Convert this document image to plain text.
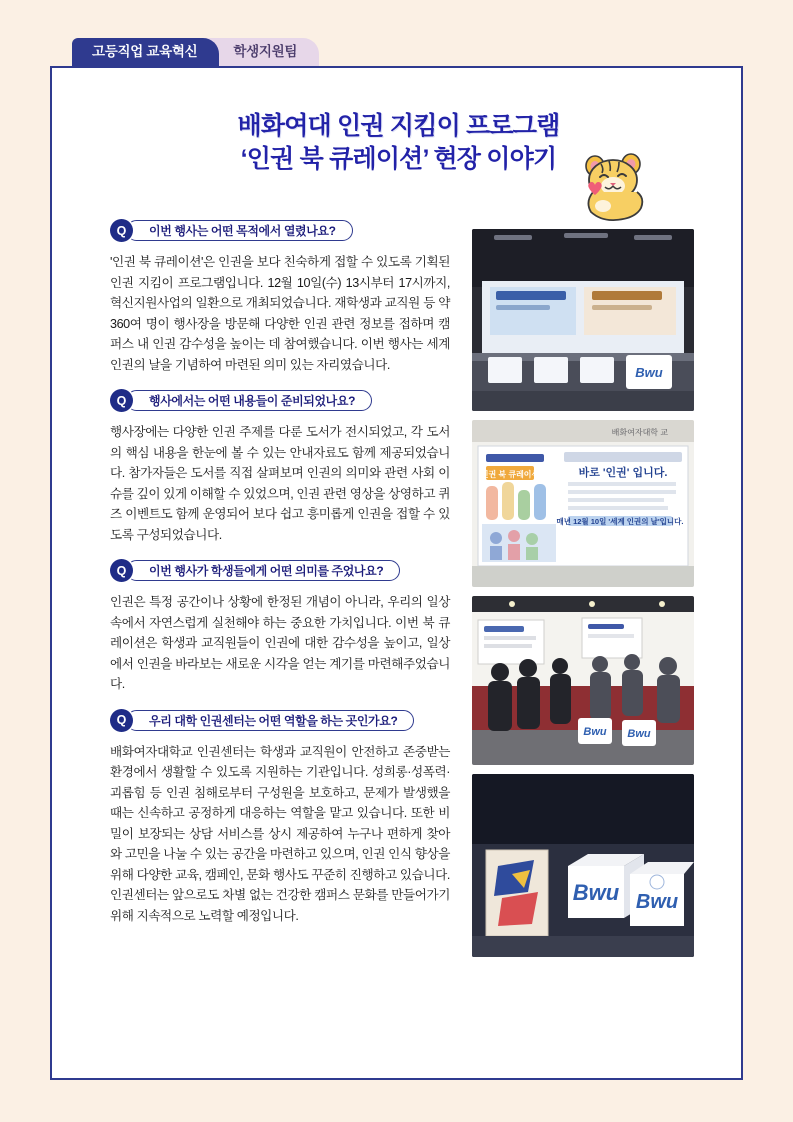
고등직업 교육혁신	학생지원팀
배화여대 인권 지킴이 프로그램
‘인권 북 큐레이션’ 현장 이야기
이번 행사는 어떤 목적에서 열렸나요?
Q
'인권 북 큐레이션'은 인권을 보다 친숙하게 접할 수 있도록 기획된 인권 지킴이 프로그램입니다. 12월 10일(수) 13시부터 17시까지, 혁신지원사업의 일환으로 개최되었습니다. 재학생과 교직원 등 약 360여 명이 행사장을 방문해 다양한 인권 관련 정보를 접하며 캠퍼스 내 인권 감수성을 높이는 데 참여했습니다. 이번 행사는 세계인권의 날을 기념하여 마련된 의미 있는 자리였습니다.
행사에서는 어떤 내용들이 준비되었나요?
Q
행사장에는 다양한 인권 주제를 다룬 도서가 전시되었고, 각 도서의 핵심 내용을 한눈에 볼 수 있는 안내자료도 함께 제공되었습니다. 참가자들은 도서를 직접 살펴보며 인권의 의미와 관련 사회 이슈를 깊이 있게 이해할 수 있었으며, 인권 관련 영상을 상영하고 퀴즈 이벤트도 함께 운영되어 보다 쉽고 흥미롭게 인권을 접할 수 있도록 구성되었습니다.
이번 행사가 학생들에게 어떤 의미를 주었나요?
Q
인권은 특정 공간이나 상황에 한정된 개념이 아니라, 우리의 일상 속에서 자연스럽게 실천해야 하는 중요한 가치입니다. 이번 북 큐레이션은 학생과 교직원들이 인권에 대한 감수성을 높이고, 일상에서 인권을 바라보는 새로운 시각을 얻는 계기를 마련해주었습니다.
우리 대학 인권센터는 어떤 역할을 하는 곳인가요?
Q
배화여자대학교 인권센터는 학생과 교직원이 안전하고 존중받는 환경에서 생활할 수 있도록 지원하는 기관입니다. 성희롱·성폭력·괴롭힘 등 인권 침해로부터 구성원을 보호하고, 문제가 발생했을 때는 신속하고 공정하게 대응하는 역할을 맡고 있습니다. 또한 비밀이 보장되는 상담 서비스를 상시 제공하여 누구나 편하게 찾아와 고민을 나눌 수 있는 공간을 마련하고 있으며, 인권 인식 향상을 위해 다양한 교육, 캠페인, 문화 행사도 꾸준히 진행하고 있습니다. 인권센터는 앞으로도 차별 없는 건강한 캠퍼스 문화를 만들어가기 위해 지속적으로 노력할 예정입니다.
Bwu
배화여자대학 교
인권 북 큐레이션	바로 '인권' 입니다.
매년 12월 10일 '세계 인권의 날'입니다.
Bwu Bwu
Bwu Bwu
